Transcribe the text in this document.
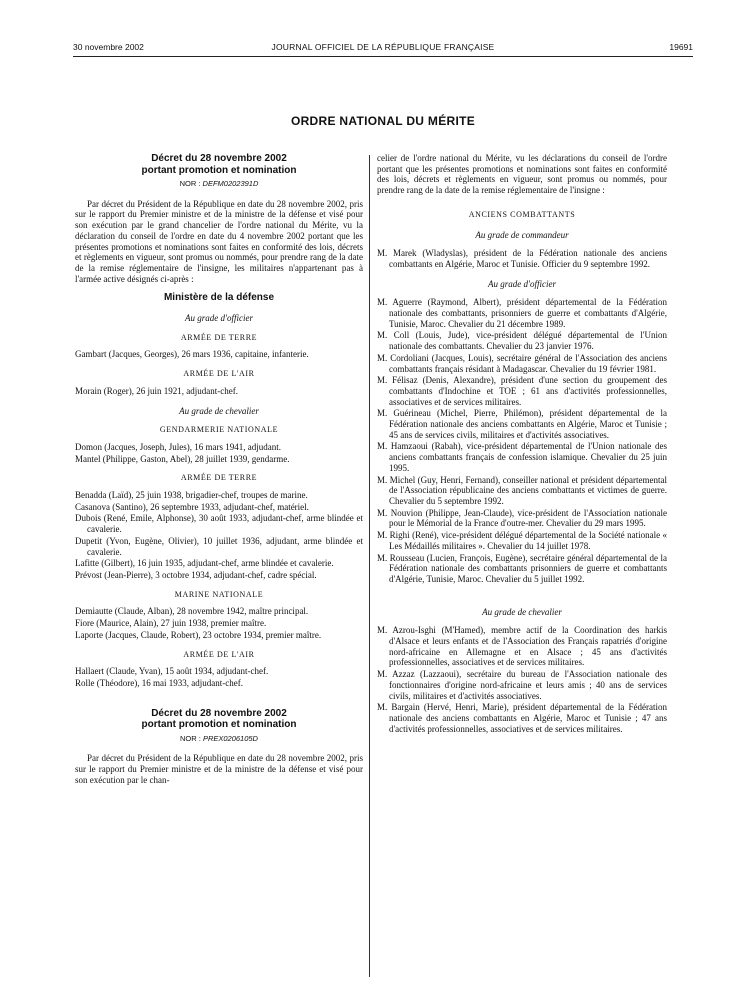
30 novembre 2002	JOURNAL OFFICIEL DE LA RÉPUBLIQUE FRANÇAISE	19691
ORDRE NATIONAL DU MÉRITE

Décret du 28 novembre 2002

portant promotion et nomination

NOR : DEFM0202391D

Par décret du Président de la République en date du 28 novembre 2002, pris sur le rapport du Premier ministre et de la ministre de la défense et visé pour son exécution par le grand chancelier de l'ordre national du Mérite, vu la déclaration du conseil de l'ordre en date du 4 novembre 2002 portant que les présentes promotions et nominations sont faites en conformité des lois, décrets et règlements en vigueur, sont promus ou nommés, pour prendre rang de la date de la remise réglementaire de l'insigne, les militaires n'appartenant pas à l'armée active désignés ci-après :

Ministère de la défense
Au grade d'officier
ARMÉE DE TERRE

Gambart (Jacques, Georges), 26 mars 1936, capitaine, infanterie.

ARMÉE DE L'AIR

Morain (Roger), 26 juin 1921, adjudant-chef.

Au grade de chevalier
GENDARMERIE NATIONALE

Domon (Jacques, Joseph, Jules), 16 mars 1941, adjudant.

Mantel (Philippe, Gaston, Abel), 28 juillet 1939, gendarme.

ARMÉE DE TERRE

Benadda (Laïd), 25 juin 1938, brigadier-chef, troupes de marine.

Casanova (Santino), 26 septembre 1933, adjudant-chef, matériel.

Dubois (René, Emile, Alphonse), 30 août 1933, adjudant-chef, arme blindée et cavalerie.

Dupetit (Yvon, Eugène, Olivier), 10 juillet 1936, adjudant, arme blindée et cavalerie.

Lafitte (Gilbert), 16 juin 1935, adjudant-chef, arme blindée et cavalerie.

Prévost (Jean-Pierre), 3 octobre 1934, adjudant-chef, cadre spécial.

MARINE NATIONALE

Demiautte (Claude, Alban), 28 novembre 1942, maître principal.

Fiore (Maurice, Alain), 27 juin 1938, premier maître.

Laporte (Jacques, Claude, Robert), 23 octobre 1934, premier maître.

ARMÉE DE L'AIR

Hallaert (Claude, Yvan), 15 août 1934, adjudant-chef.

Rolle (Théodore), 16 mai 1933, adjudant-chef.

Décret du 28 novembre 2002

portant promotion et nomination

NOR : PREX0206105D

Par décret du Président de la République en date du 28 novembre 2002, pris sur le rapport du Premier ministre et de la ministre de la défense et visé pour son exécution par le chan-

celier de l'ordre national du Mérite, vu les déclarations du conseil de l'ordre portant que les présentes promotions et nominations sont faites en conformité des lois, décrets et règlements en vigueur, sont promus ou nommés, pour prendre rang de la date de la remise réglementaire de l'insigne :

ANCIENS COMBATTANTS
Au grade de commandeur

M. Marek (Wladyslas), président de la Fédération nationale des anciens combattants en Algérie, Maroc et Tunisie. Officier du 9 septembre 1992.

Au grade d'officier

M. Aguerre (Raymond, Albert), président départemental de la Fédération nationale des combattants, prisonniers de guerre et combattants d'Algérie, Tunisie, Maroc. Chevalier du 21 décembre 1989.

M. Coll (Louis, Jude), vice-président délégué départemental de l'Union nationale des combattants. Chevalier du 23 janvier 1976.

M. Cordoliani (Jacques, Louis), secrétaire général de l'Association des anciens combattants français résidant à Madagascar. Chevalier du 19 février 1981.

M. Félisaz (Denis, Alexandre), président d'une section du groupement des combattants d'Indochine et TOE ; 61 ans d'activités professionnelles, associatives et de services militaires.

M. Guérineau (Michel, Pierre, Philémon), président départemental de la Fédération nationale des anciens combattants en Algérie, Maroc et Tunisie ; 45 ans de services civils, militaires et d'activités associatives.

M. Hamzaoui (Rabah), vice-président départemental de l'Union nationale des anciens combattants français de confession islamique. Chevalier du 25 juin 1995.

M. Michel (Guy, Henri, Fernand), conseiller national et président départemental de l'Association républicaine des anciens combattants et victimes de guerre. Chevalier du 5 septembre 1992.

M. Nouvion (Philippe, Jean-Claude), vice-président de l'Association nationale pour le Mémorial de la France d'outre-mer. Chevalier du 29 mars 1995.

M. Righi (René), vice-président délégué départemental de la Société nationale « Les Médaillés militaires ». Chevalier du 14 juillet 1978.

M. Rousseau (Lucien, François, Eugène), secrétaire général départemental de la Fédération nationale des combattants prisonniers de guerre et combattants d'Algérie, Tunisie, Maroc. Chevalier du 5 juillet 1992.

Au grade de chevalier

M. Azrou-Isghi (M'Hamed), membre actif de la Coordination des harkis d'Alsace et leurs enfants et de l'Association des Français rapatriés d'origine nord-africaine en Allemagne et en Alsace ; 45 ans d'activités professionnelles, associatives et de services militaires.

M. Azzaz (Lazzaoui), secrétaire du bureau de l'Association nationale des fonctionnaires d'origine nord-africaine et leurs amis ; 40 ans de services civils, militaires et d'activités associatives.

M. Bargain (Hervé, Henri, Marie), président départemental de la Fédération nationale des anciens combattants en Algérie, Maroc et Tunisie ; 47 ans d'activités professionnelles, associatives et de services militaires.
